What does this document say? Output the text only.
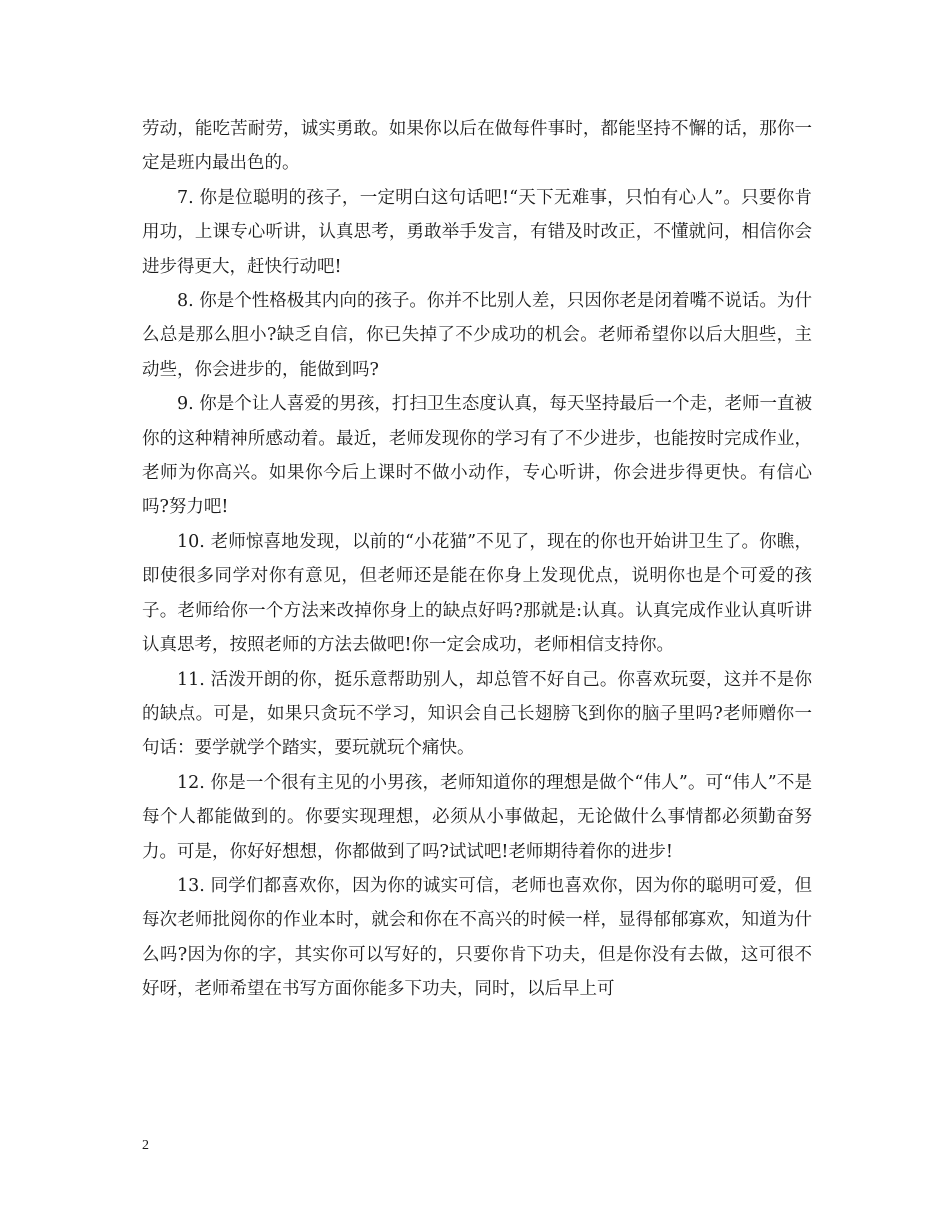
劳动，能吃苦耐劳，诚实勇敢。如果你以后在做每件事时，都能坚持不懈的话，那你一定是班内最出色的。

7. 你是位聪明的孩子，一定明白这句话吧!“天下无难事，只怕有心人”。只要你肯用功，上课专心听讲，认真思考，勇敢举手发言，有错及时改正，不懂就问，相信你会进步得更大，赶快行动吧!

8. 你是个性格极其内向的孩子。你并不比别人差，只因你老是闭着嘴不说话。为什么总是那么胆小?缺乏自信，你已失掉了不少成功的机会。老师希望你以后大胆些，主动些，你会进步的，能做到吗?

9. 你是个让人喜爱的男孩，打扫卫生态度认真，每天坚持最后一个走，老师一直被你的这种精神所感动着。最近，老师发现你的学习有了不少进步，也能按时完成作业，老师为你高兴。如果你今后上课时不做小动作，专心听讲，你会进步得更快。有信心吗?努力吧!

10. 老师惊喜地发现，以前的“小花猫”不见了，现在的你也开始讲卫生了。你瞧，即使很多同学对你有意见，但老师还是能在你身上发现优点，说明你也是个可爱的孩子。老师给你一个方法来改掉你身上的缺点好吗?那就是:认真。认真完成作业认真听讲认真思考，按照老师的方法去做吧!你一定会成功，老师相信支持你。

11. 活泼开朗的你，挺乐意帮助别人，却总管不好自己。你喜欢玩耍，这并不是你的缺点。可是，如果只贪玩不学习，知识会自己长翅膀飞到你的脑子里吗?老师赠你一句话：要学就学个踏实，要玩就玩个痛快。

12. 你是一个很有主见的小男孩，老师知道你的理想是做个“伟人”。可“伟人”不是每个人都能做到的。你要实现理想，必须从小事做起，无论做什么事情都必须勤奋努力。可是，你好好想想，你都做到了吗?试试吧!老师期待着你的进步!

13. 同学们都喜欢你，因为你的诚实可信，老师也喜欢你，因为你的聪明可爱，但每次老师批阅你的作业本时，就会和你在不高兴的时候一样，显得郁郁寡欢，知道为什么吗?因为你的字，其实你可以写好的，只要你肯下功夫，但是你没有去做，这可很不好呀，老师希望在书写方面你能多下功夫，同时，以后早上可

2
